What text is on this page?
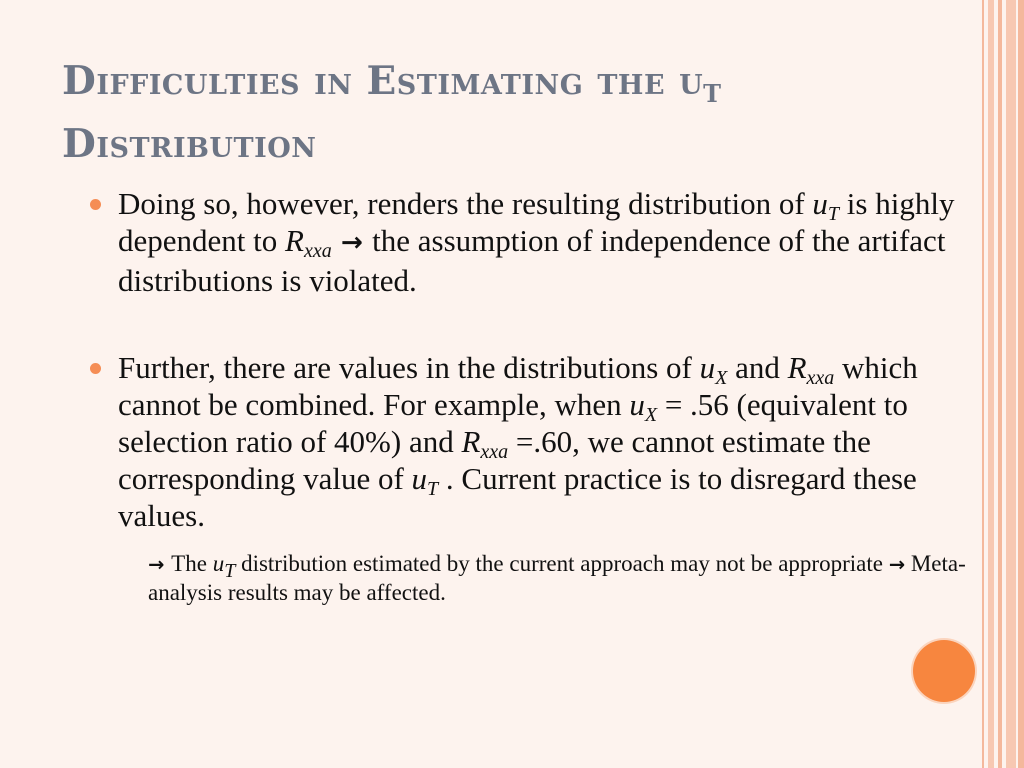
Difficulties in Estimating the $u_T$
Distribution
Doing so, however, renders the resulting distribution of $u_T$ is highly dependent to $R_{xxa}$ → the assumption of independence of the artifact distributions is violated.
Further, there are values in the distributions of $u_X$ and $R_{xxa}$ which cannot be combined. For example, when $u_X = .56$ (equivalent to selection ratio of 40%) and $R_{xxa} =.60$, we cannot estimate the corresponding value of $u_T$ . Current practice is to disregard these values.
→ The $u_T$ distribution estimated by the current approach may not be appropriate → Meta-analysis results may be affected.
